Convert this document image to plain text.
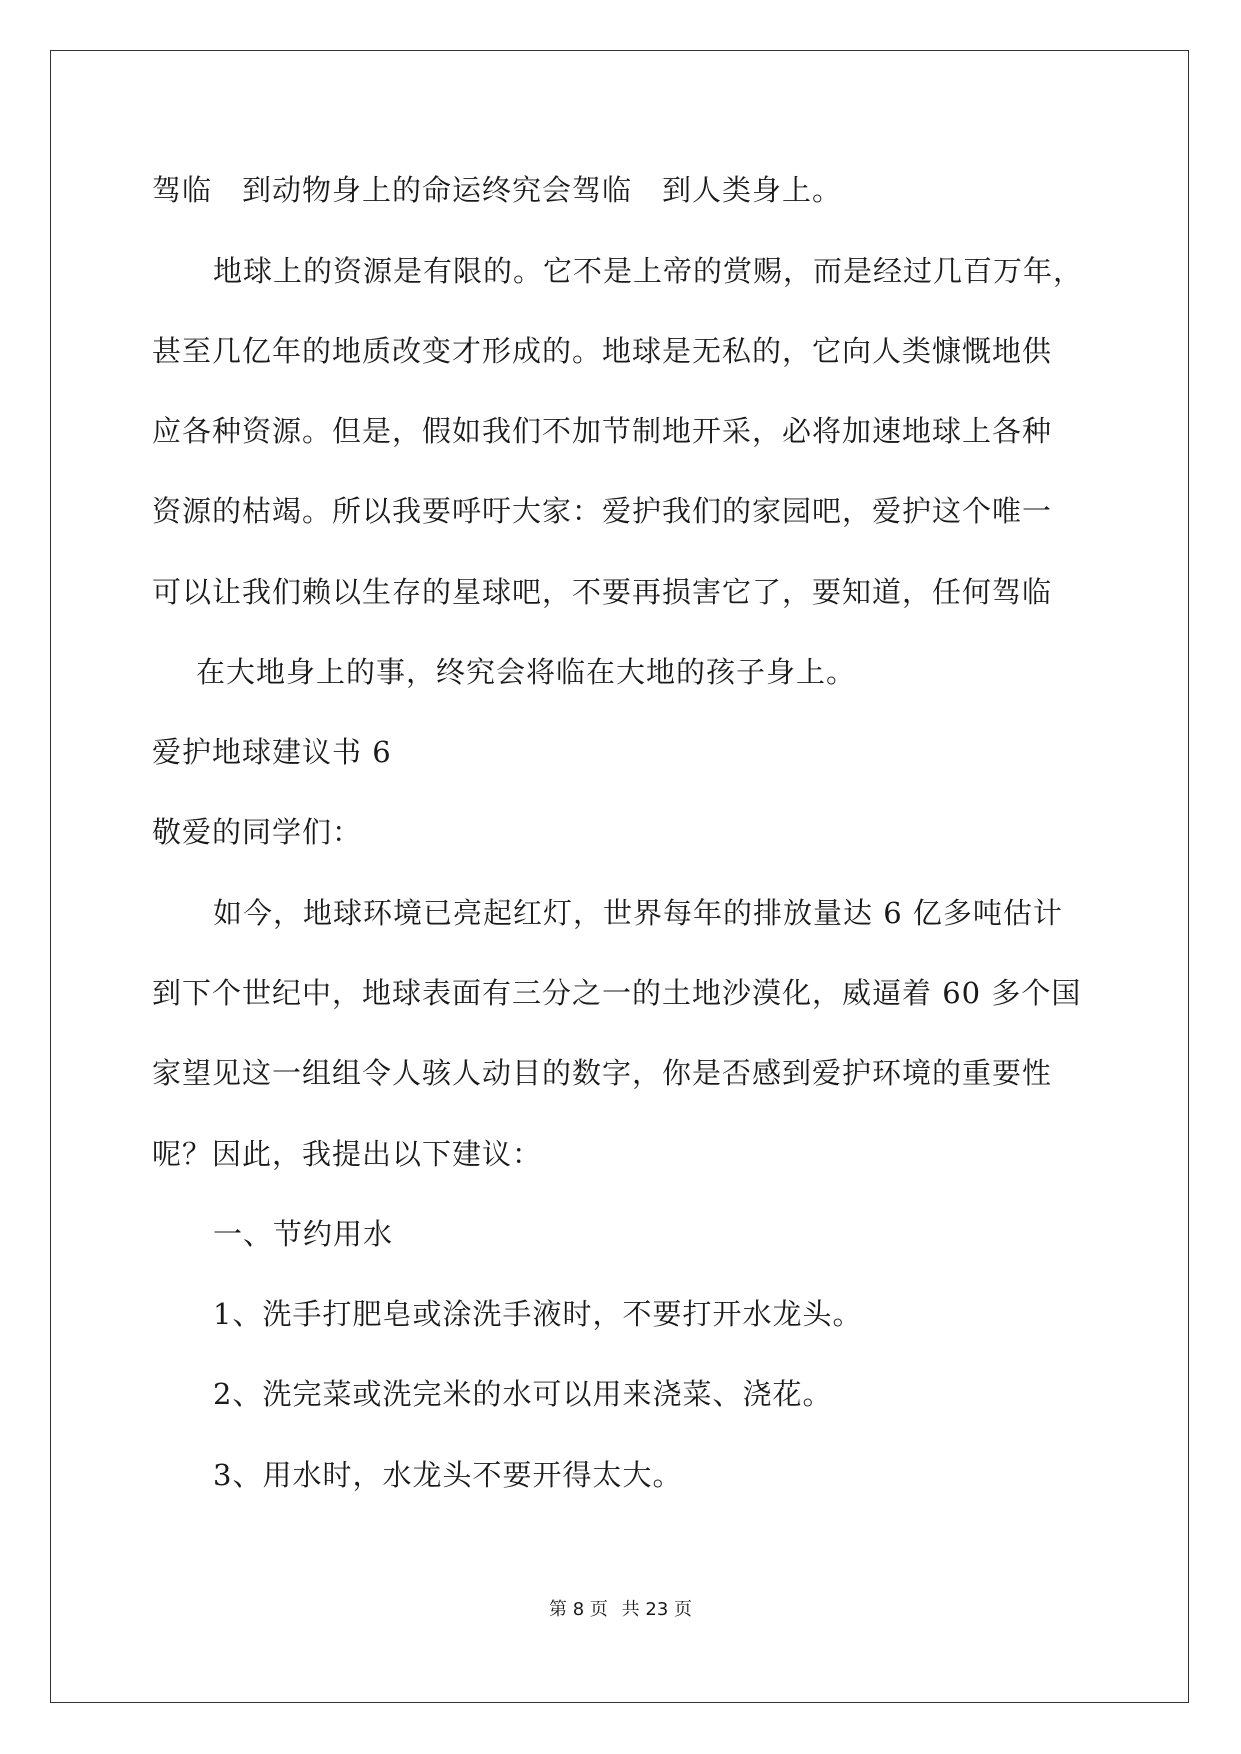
驾临　到动物身上的命运终究会驾临　到人类身上。
地球上的资源是有限的。它不是上帝的赏赐，而是经过几百万年，
甚至几亿年的地质改变才形成的。地球是无私的，它向人类慷慨地供
应各种资源。但是，假如我们不加节制地开采，必将加速地球上各种
资源的枯竭。所以我要呼吁大家：爱护我们的家园吧，爱护这个唯一
可以让我们赖以生存的星球吧，不要再损害它了，要知道，任何驾临
在大地身上的事，终究会将临在大地的孩子身上。
爱护地球建议书 6
敬爱的同学们：
如今，地球环境已亮起红灯，世界每年的排放量达 6 亿多吨估计
到下个世纪中，地球表面有三分之一的土地沙漠化，威逼着 60 多个国
家望见这一组组令人骇人动目的数字，你是否感到爱护环境的重要性
呢？因此，我提出以下建议：
一、节约用水
1、洗手打肥皂或涂洗手液时，不要打开水龙头。
2、洗完菜或洗完米的水可以用来浇菜、浇花。
3、用水时，水龙头不要开得太大。
第 8 页 共 23 页
